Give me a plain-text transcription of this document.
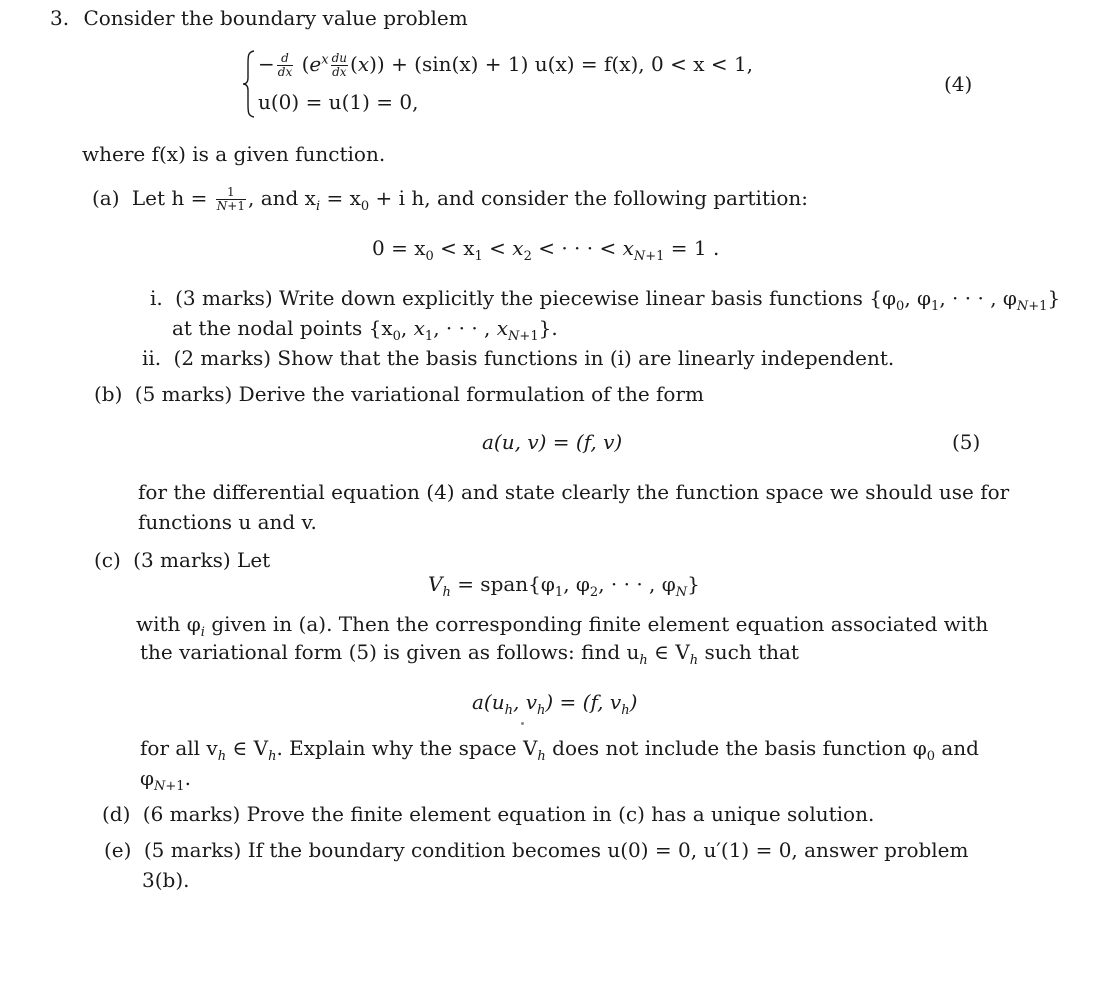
3. Consider the boundary value problem
− $\frac{d}{dx} (e^x \frac{du}{dx} (x)) + (\sin(x) + 1) u(x) = f(x)$, 0 < x < 1,
u(0) = u(1) = 0,
(4)
where f(x) is a given function.
(a) Let $h = \frac{1}{N+1}$ , and $x_i = x_0 + i$ h, and consider the following partition:
$0 = x_0 < x_1 < x_2$ < · · · < $x_{N+1} = 1$ .
i. (3 marks) Write down explicitly the piecewise linear basis functions {$\varphi_0$, $\varphi_1$, · · · , $\varphi_{N+1}$}
at the nodal points {$x_0$, $x_1$, · · · , $x_{N+1}$}.
ii. (2 marks) Show that the basis functions in (i) are linearly independent.
(b) (5 marks) Derive the variational formulation of the form
a(u, v) = (f, v)	(5)
for the differential equation (4) and state clearly the function space we should use for
functions u and v.
(c) (3 marks) Let
$V_h$ = $span\{\varphi_1$, $\varphi_2$, · · · , $\varphi_N$}
with $\varphi_i$ given in (a). Then the corresponding finite element equation associated with
the variational form (5) is given as follows: find $u_h$ ∈ $V_h$ such that
$a(u_h$, $v_h) = (f$, $v_h$)
for all $v_h$ ∈ $V_h$. Explain why the space $V_h$ does not include the basis function $\varphi_0$ and
$\varphi_{N+1}$.
(d) (6 marks) Prove the finite element equation in (c) has a unique solution.
(e) (5 marks) If the boundary condition becomes u(0) = 0, u′(1) = 0, answer problem
3(b).
